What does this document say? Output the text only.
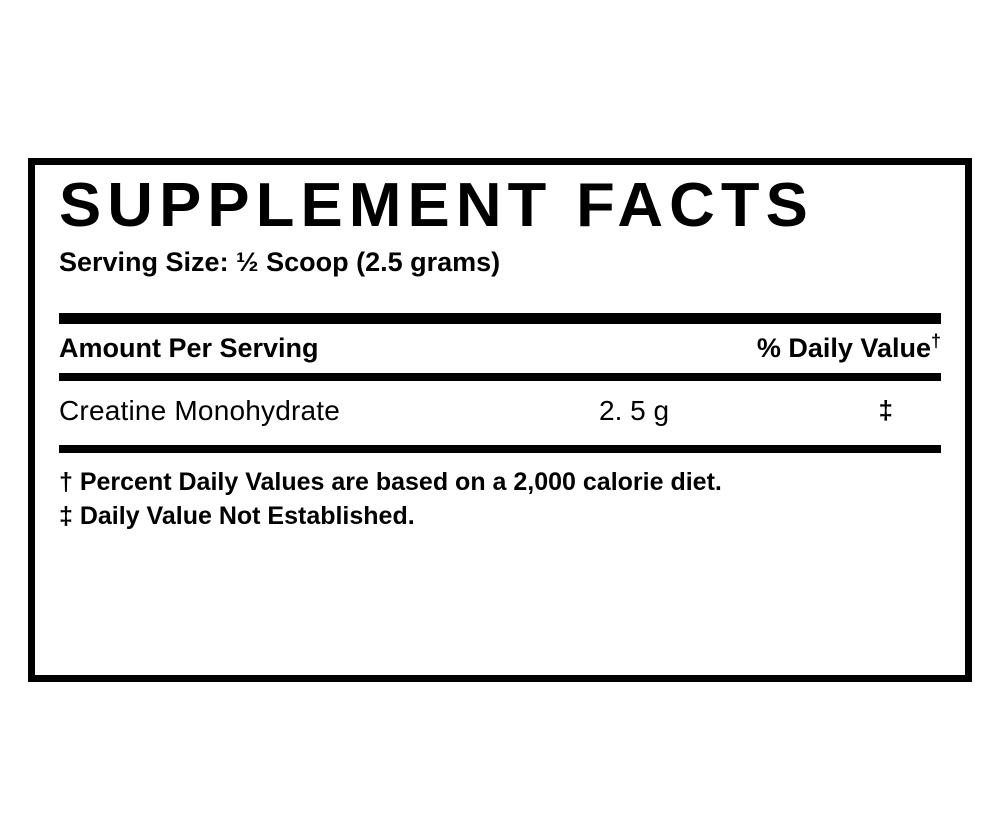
SUPPLEMENT FACTS
Serving Size: ½ Scoop (2.5 grams)
Amount Per Serving	% Daily Value†
Creatine Monohydrate	2. 5 g	‡
† Percent Daily Values are based on a 2,000 calorie diet.
‡ Daily Value Not Established.
